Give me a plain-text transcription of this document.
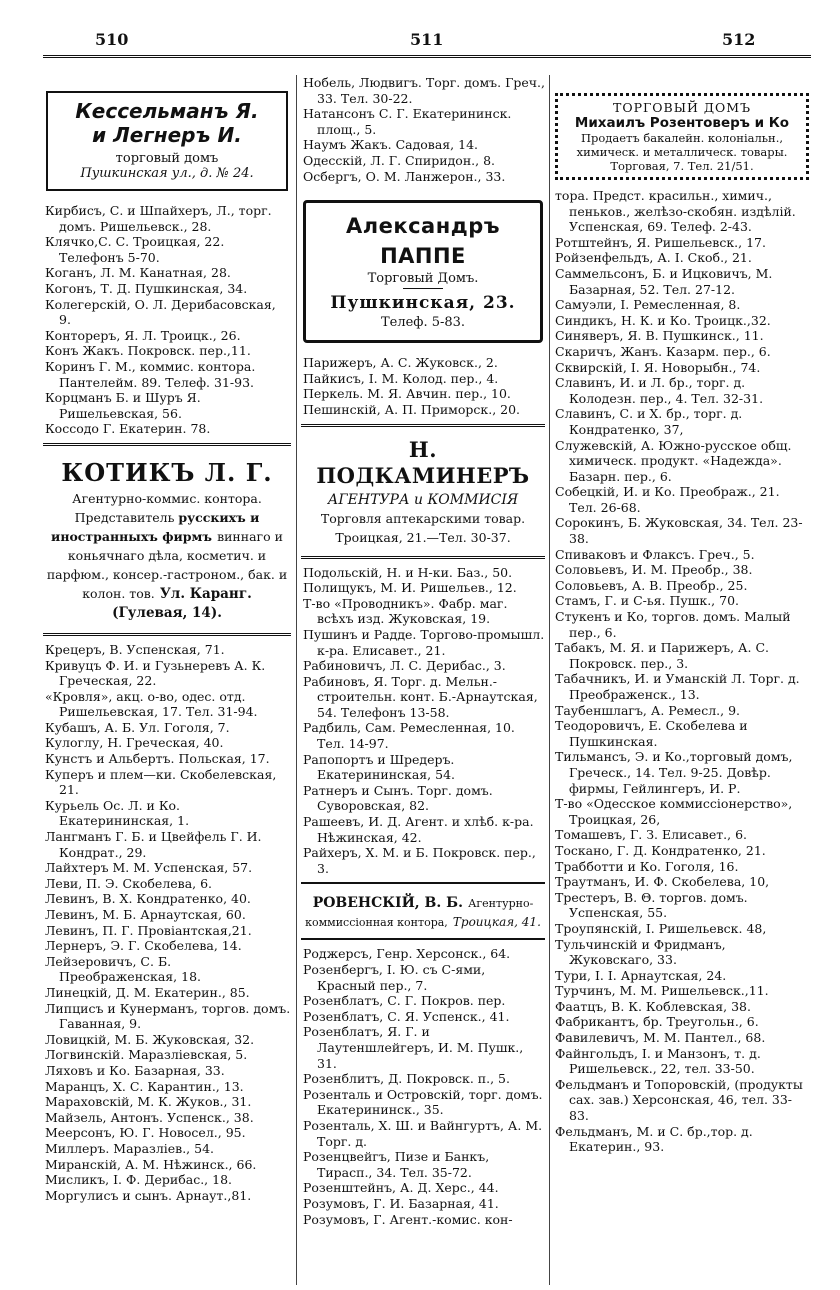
510	511	512
Кессельманъ Я.
и Легнеръ И.
торговый домъ
Пушкинская ул., д. № 24.
Кирбисъ, С. и Шпайхеръ, Л., торг. домъ. Ришельевск., 28.
Клячко,С. С. Троицкая, 22. Телефонъ 5-70.
Коганъ, Л. М. Канатная, 28.
Когонъ, Т. Д. Пушкинская, 34.
Колегерскій, О. Л. Дерибасовская, 9.
Контореръ, Я. Л. Троицк., 26.
Конъ Жакъ. Покровск. пер.,11.
Коринъ Г. М., коммис. контора. Пантелейм. 89. Телеф. 31-93.
Корцманъ Б. и Шуръ Я. Ришельевская, 56.
Коссодо Г. Екатерин. 78.
КОТИКЪ Л. Г. Агентурно-коммис. контора. Представитель русскихъ и иностранныхъ фирмъ виннаго и коньячнаго дѣла, косметич. и парфюм., консер.-гастроном., бак. и колон. тов. Ул. Каранг. (Гулевая, 14).
Крецеръ, В. Успенская, 71.
Кривуцъ Ф. И. и Гузьнеревъ А. К. Греческая, 22.
«Кровля», акц. о-во, одес. отд. Ришельевская, 17. Тел. 31-94.
Кубашъ, А. Б. Ул. Гоголя, 7.
Кулоглу, Н. Греческая, 40.
Кунстъ и Альбертъ. Польская, 17.
Куперъ и плем—ки. Скобелевская, 21.
Курьель Ос. Л. и Ко. Екатерининская, 1.
Лангманъ Г. Б. и Цвейфель Г. И. Кондрат., 29.
Лайхтеръ М. М. Успенская, 57.
Леви, П. Э. Скобелева, 6.
Левинъ, В. Х. Кондратенко, 40.
Левинъ, М. Б. Арнаутская, 60.
Левинъ, П. Г. Провіантская,21.
Лернеръ, Э. Г. Скобелева, 14.
Лейзеровичъ, С. Б. Преображенская, 18.
Линецкій, Д. М. Екатерин., 85.
Липцисъ и Кунерманъ, торгов. домъ. Гаванная, 9.
Ловицкій, М. Б. Жуковская, 32.
Логвинскій. Маразліевская, 5.
Ляховъ и Ко. Базарная, 33.
Маранцъ, Х. С. Карантин., 13.
Мараховскій, М. К. Жуков., 31.
Майзель, Антонъ. Успенск., 38.
Меерсонъ, Ю. Г. Новосел., 95.
Миллеръ. Маразліев., 54.
Миранскій, А. М. Нѣжинск., 66.
Мисликъ, І. Ф. Дерибас., 18.
Моргулисъ и сынъ. Арнаут.,81.
Нобель, Людвигъ. Торг. домъ. Греч., 33. Тел. 30-22.
Натансонъ С. Г. Екатерининск. площ., 5.
Наумъ Жакъ. Садовая, 14.
Одесскій, Л. Г. Спиридон., 8.
Осбергъ, О. М. Ланжерон., 33.
Александръ ПАППЕ
Торговый Домъ.
Пушкинская, 23.
Телеф. 5-83.
Парижеръ, А. С. Жуковск., 2.
Пайкисъ, І. М. Колод. пер., 4.
Перкель. М. Я. Авчин. пер., 10.
Пешинскій, А. П. Приморск., 20.
Н. ПОДКАМИНЕРЪ АГЕНТУРА и КОММИСІЯ Торговля аптекарскими товар. Троицкая, 21.—Тел. 30-37.
Подольскій, Н. и Н-ки. Баз., 50.
Полищукъ, М. И. Ришельев., 12.
Т-во «Проводникъ». Фабр. маг. всѣхъ изд. Жуковская, 19.
Пушинъ и Радде. Торгово-промышл. к-ра. Елисавет., 21.
Рабиновичъ, Л. С. Дерибас., 3.
Рабиновъ, Я. Торг. д. Мельн.-строительн. конт. Б.-Арнаутская, 54. Телефонъ 13-58.
Радбиль, Сам. Ремесленная, 10. Тел. 14-97.
Рапопортъ и Шредеръ. Екатерининская, 54.
Ратнеръ и Сынъ. Торг. домъ. Суворовская, 82.
Рашеевъ, И. Д. Агент. и хлѣб. к-ра. Нѣжинская, 42.
Райхеръ, Х. М. и Б. Покровск. пер., 3.
РОВЕНСКІЙ, В. Б. Агентурно-коммиссіонная контора, Троицкая, 41.
Роджерсъ, Генр. Херсонск., 64.
Розенбергъ, І. Ю. съ С-ями, Красный пер., 7.
Розенблатъ, С. Г. Покров. пер.
Розенблатъ, С. Я. Успенск., 41.
Розенблатъ, Я. Г. и Лаутеншлейгеръ, И. М. Пушк., 31.
Розенблитъ, Д. Покровск. п., 5.
Розенталь и Островскій, торг. домъ. Екатерининск., 35.
Розенталь, Х. Ш. и Вайнгуртъ, А. М. Торг. д.
Розенцвейгъ, Пизе и Банкъ, Тирасп., 34. Тел. 35-72.
Розенштейнъ, А. Д. Херс., 44.
Розумовъ, Г. И. Базарная, 41.
Розумовъ, Г. Агент.-комис. кон-
ТОРГОВЫЙ ДОМЪ
Михаилъ Розентоверъ и Ко
Продаетъ бакалейн. колоніальн.,
химическ. и металлическ. товары.
Торговая, 7. Тел. 21/51.
тора. Предст. красильн., химич., пеньков., желѣзо-скобян. издѣлій. Успенская, 69. Телеф. 2-43.
Ротштейнъ, Я. Ришельевск., 17.
Ройзенфельдъ, А. І. Скоб., 21.
Саммельсонъ, Б. и Ицковичъ, М. Базарная, 52. Тел. 27-12.
Самуэли, І. Ремесленная, 8.
Синдикъ, Н. К. и Ко. Троицк.,32.
Синяверъ, Я. В. Пушкинск., 11.
Скаричъ, Жанъ. Казарм. пер., 6.
Сквирскій, І. Я. Новорыбн., 74.
Славинъ, И. и Л. бр., торг. д. Колодезн. пер., 4. Тел. 32-31.
Славинъ, С. и Х. бр., торг. д. Кондратенко, 37,
Служевскій, А. Южно-русское общ. химическ. продукт. «Надежда». Базарн. пер., 6.
Собецкій, И. и Ко. Преображ., 21. Тел. 26-68.
Сорокинъ, Б. Жуковская, 34. Тел. 23-38.
Спиваковъ и Флаксъ. Греч., 5.
Соловьевъ, И. М. Преобр., 38.
Соловьевъ, А. В. Преобр., 25.
Стамъ, Г. и С-ья. Пушк., 70.
Стукенъ и Ко, торгов. домъ. Малый пер., 6.
Табакъ, М. Я. и Парижеръ, А. С. Покровск. пер., 3.
Табачникъ, И. и Уманскій Л. Торг. д. Преображенск., 13.
Таубеншлагъ, А. Ремесл., 9.
Теодоровичъ, Е. Скобелева и Пушкинская.
Тильмансъ, Э. и Ко.,торговый домъ, Греческ., 14. Тел. 9-25. Довѣр. фирмы, Гейлингеръ, И. Р.
Т-во «Одесское коммиссіонерство», Троицкая, 26,
Томашевъ, Г. З. Елисавет., 6.
Тоскано, Г. Д. Кондратенко, 21.
Траббoтти и Ко. Гоголя, 16.
Траутманъ, И. Ф. Скобелева, 10,
Трестеръ, В. Θ. торгов. домъ. Успенская, 55.
Троупянскій, І. Ришельевск. 48,
Тульчинскій и Фридманъ, Жуковскаго, 33.
Тури, І. І. Арнаутская, 24.
Турчинъ, М. М. Ришельевск.,11.
Фаатцъ, В. К. Коблевская, 38.
Фабрикантъ, бр. Треугольн., 6.
Фавилевичъ, М. М. Пантел., 68.
Файнгольдъ, І. и Манзонъ, т. д. Ришельевск., 22, тел. 33-50.
Фельдманъ и Топоровскій, (продукты сах. зав.) Херсонская, 46, тел. 33-83.
Фельдманъ, М. и С. бр.,тор. д. Екатерин., 93.
